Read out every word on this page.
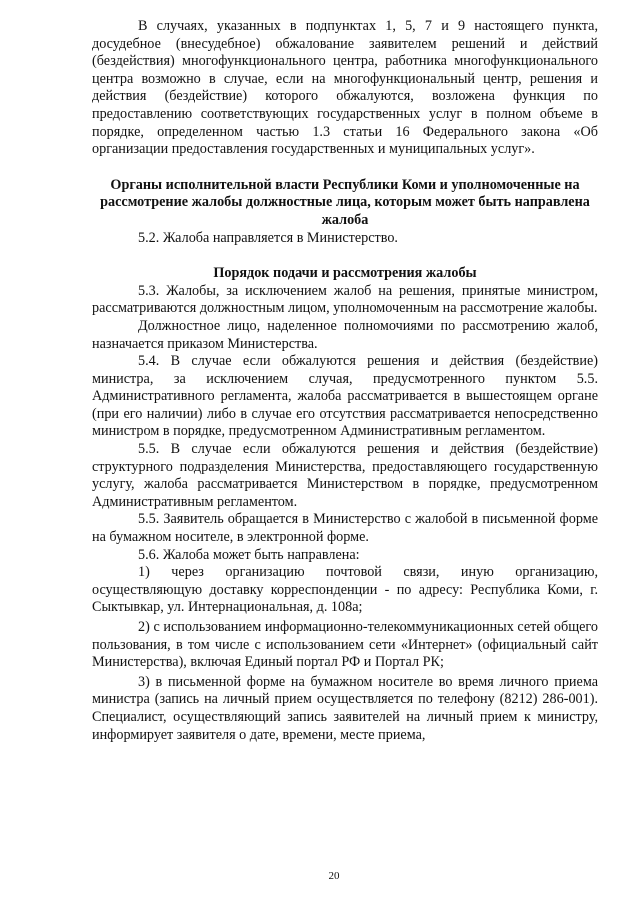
В случаях, указанных в подпунктах 1, 5, 7 и 9 настоящего пункта, досудебное (внесудебное) обжалование заявителем решений и действий (бездействия) многофункционального центра, работника многофункционального центра возможно в случае, если на многофункциональный центр, решения и действия (бездействие) которого обжалуются, возложена функция по предоставлению соответствующих государственных услуг в полном объеме в порядке, определенном частью 1.3 статьи 16 Федерального закона «Об организации предоставления государственных и муниципальных услуг».

Органы исполнительной власти Республики Коми и уполномоченные на рассмотрение жалобы должностные лица, которым может быть направлена жалоба

5.2. Жалоба направляется в Министерство.

Порядок подачи и рассмотрения жалобы

5.3. Жалобы, за исключением жалоб на решения, принятые министром, рассматриваются должностным лицом, уполномоченным на рассмотрение жалобы.

Должностное лицо, наделенное полномочиями по рассмотрению жалоб, назначается приказом Министерства.

5.4. В случае если обжалуются решения и действия (бездействие) министра, за исключением случая, предусмотренного пунктом 5.5. Административного регламента, жалоба рассматривается в вышестоящем органе (при его наличии) либо в случае его отсутствия рассматривается непосредственно министром в порядке, предусмотренном Административным регламентом.

5.5. В случае если обжалуются решения и действия (бездействие) структурного подразделения Министерства, предоставляющего государственную услугу, жалоба рассматривается Министерством в порядке, предусмотренном Административным регламентом.

5.5. Заявитель обращается в Министерство с жалобой в письменной форме на бумажном носителе, в электронной форме.

5.6. Жалоба может быть направлена:

1) через организацию почтовой связи, иную организацию, осуществляющую доставку корреспонденции - по адресу: Республика Коми, г. Сыктывкар, ул. Интернациональная, д. 108а;

2) с использованием информационно-телекоммуникационных сетей общего пользования, в том числе с использованием сети «Интернет» (официальный сайт Министерства), включая Единый портал РФ и Портал РК;

3) в письменной форме на бумажном носителе во время личного приема министра (запись на личный прием осуществляется по телефону (8212) 286-001). Специалист, осуществляющий запись заявителей на личный прием к министру, информирует заявителя о дате, времени, месте приема,

20
